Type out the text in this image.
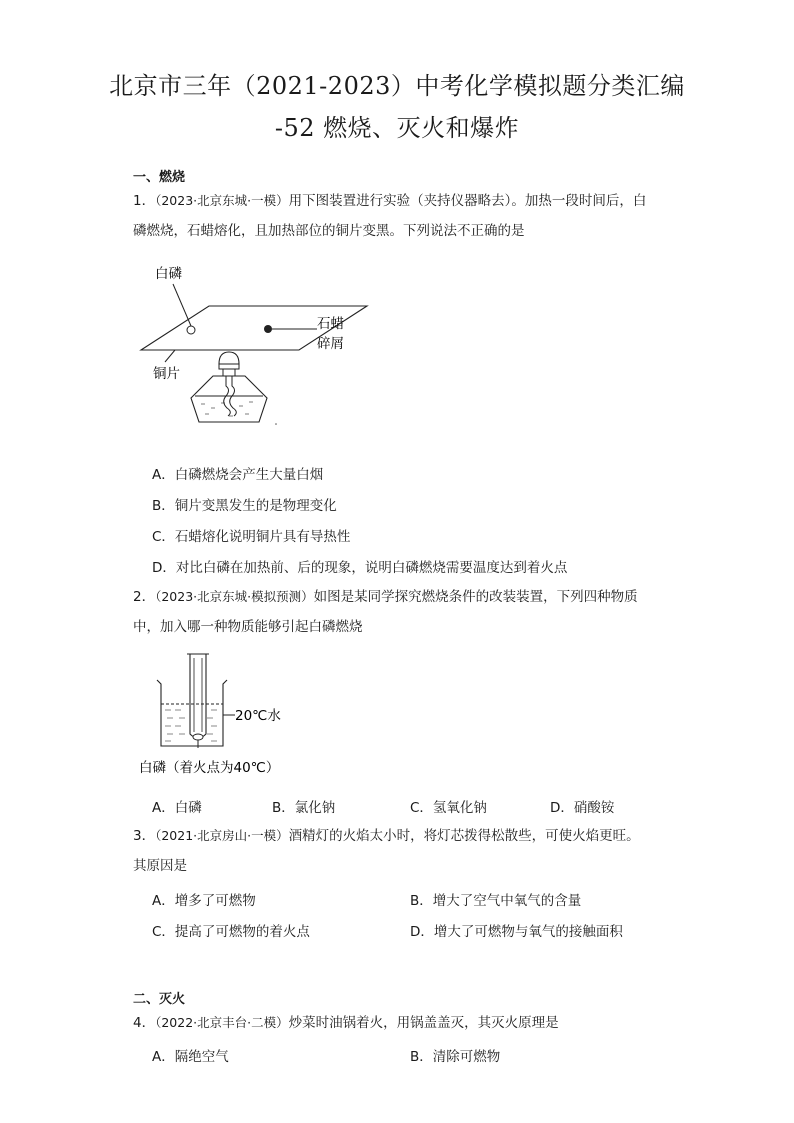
北京市三年（2021-2023）中考化学模拟题分类汇编
-52 燃烧、灭火和爆炸
一、燃烧
1．（2023·北京东城·一模）用下图装置进行实验（夹持仪器略去）。加热一段时间后，白
磷燃烧，石蜡熔化，且加热部位的铜片变黑。下列说法不正确的是
白磷
石蜡
碎屑
铜片
A．白磷燃烧会产生大量白烟
B．铜片变黑发生的是物理变化
C．石蜡熔化说明铜片具有导热性
D．对比白磷在加热前、后的现象，说明白磷燃烧需要温度达到着火点
2．（2023·北京东城·模拟预测）如图是某同学探究燃烧条件的改装装置，下列四种物质
中，加入哪一种物质能够引起白磷燃烧
20℃水
白磷（着火点为40℃）
A．白磷	B．氯化钠	C．氢氧化钠	D．硝酸铵
3．（2021·北京房山·一模）酒精灯的火焰太小时，将灯芯拨得松散些，可使火焰更旺。
其原因是
A．增多了可燃物	B．增大了空气中氧气的含量
C．提高了可燃物的着火点	D．增大了可燃物与氧气的接触面积
二、灭火
4．（2022·北京丰台·二模）炒菜时油锅着火，用锅盖盖灭，其灭火原理是
A．隔绝空气	B．清除可燃物
